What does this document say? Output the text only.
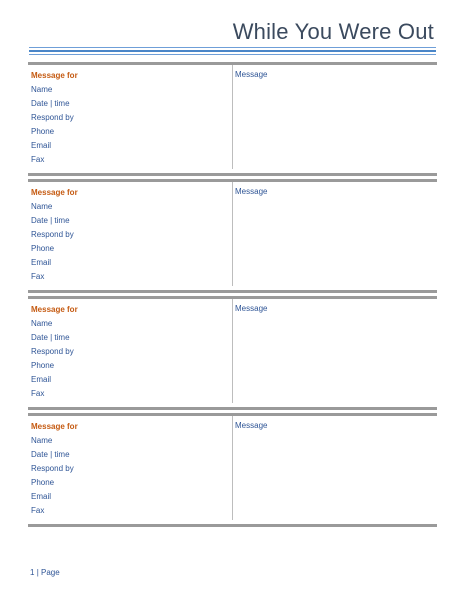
While You Were Out
Message for
Name
Date | time
Respond by
Phone
Email
Fax
Message
Message for
Name
Date | time
Respond by
Phone
Email
Fax
Message
Message for
Name
Date | time
Respond by
Phone
Email
Fax
Message
Message for
Name
Date | time
Respond by
Phone
Email
Fax
Message
1 | Page
